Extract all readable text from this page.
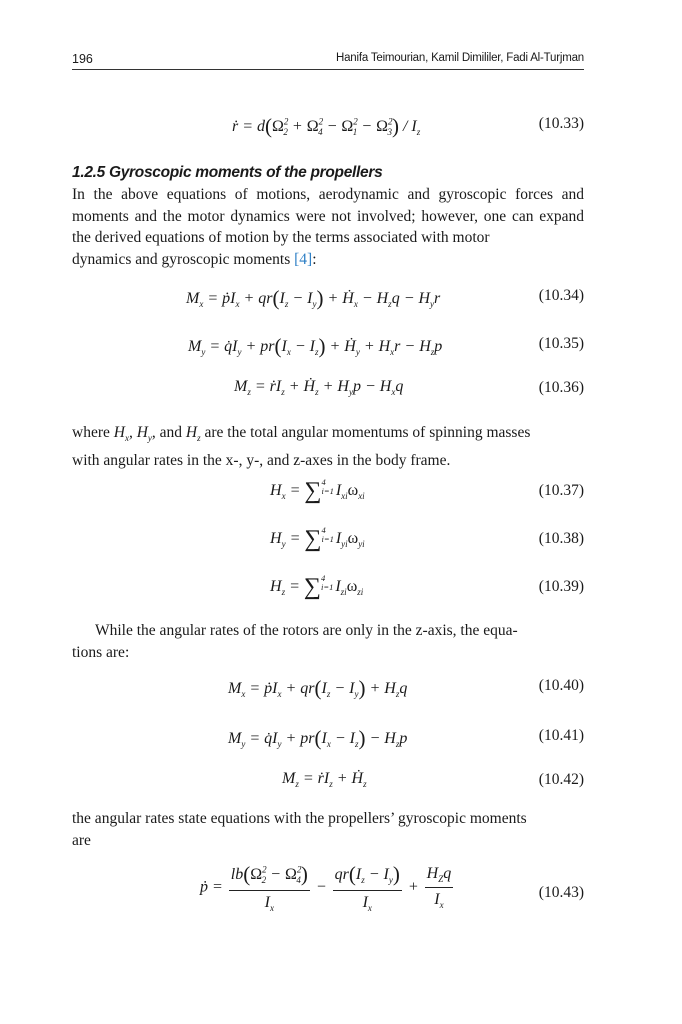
196	Hanifa Teimourian, Kamil Dimililer, Fadi Al-Turjman
ṙ = $d(\Omega^2_2 + \Omega^2_4 - \Omega^2_1 - \Omega^2_3) / I_z$
(10.33)
1.2.5 Gyroscopic moments of the propellers
In the above equations of motions, aerodynamic and gyroscopic forces and moments and the motor dynamics were not involved; however, one can expand the derived equations of motion by the terms associated with motor
dynamics and gyroscopic moments [4]:
$M_x$ = ṗI$_x$ + $qr(I_z - I_y)$ + Ḣ$_x$ − $H_zq - H_yr$	(10.34)
$M_y$ = $q̇I_y + pr(I_x - I_z)$ + Ḣ$_y$ + $H_xr - H_zp$	(10.35)
$M_z$ = ṙI$_z$ + Ḣ$_z$ + $H_yp - H_xq$	(10.36)
where $H_x$, $H_y$, and $H_z$ are the total angular momentums of spinning masses
with angular rates in the x-, y-, and z-axes in the body frame.
$H_x = \sum 4$
i=1 $I_{xi}\omega_{xi}$	(10.37)
$H_y = \sum 4$
i=1 $I_{yi}\omega_{yi}$	(10.38)
$H_z = \sum 4$
i=1 $I_{zi}\omega_{zi}$	(10.39)
While the angular rates of the rotors are only in the z-axis, the equa-
tions are:
$M_x$ = ṗI$_x$ + $qr(I_z - I_y) + H_zq$	(10.40)
$M_y$ = $q̇I_y + pr(I_x - I_z) - H_zp$	(10.41)
$M_z$ = ṙI$_z$ + Ḣ$_z$	(10.42)
the angular rates state equations with the propellers’ gyroscopic moments
are
ṗ = $\frac{lb(\Omega^2_2 - \Omega^2_4)}{I_x} - \frac{qr(I_z - I_y)}{I_x} + \frac{H_Zq}{I_x}$	(10.43)
